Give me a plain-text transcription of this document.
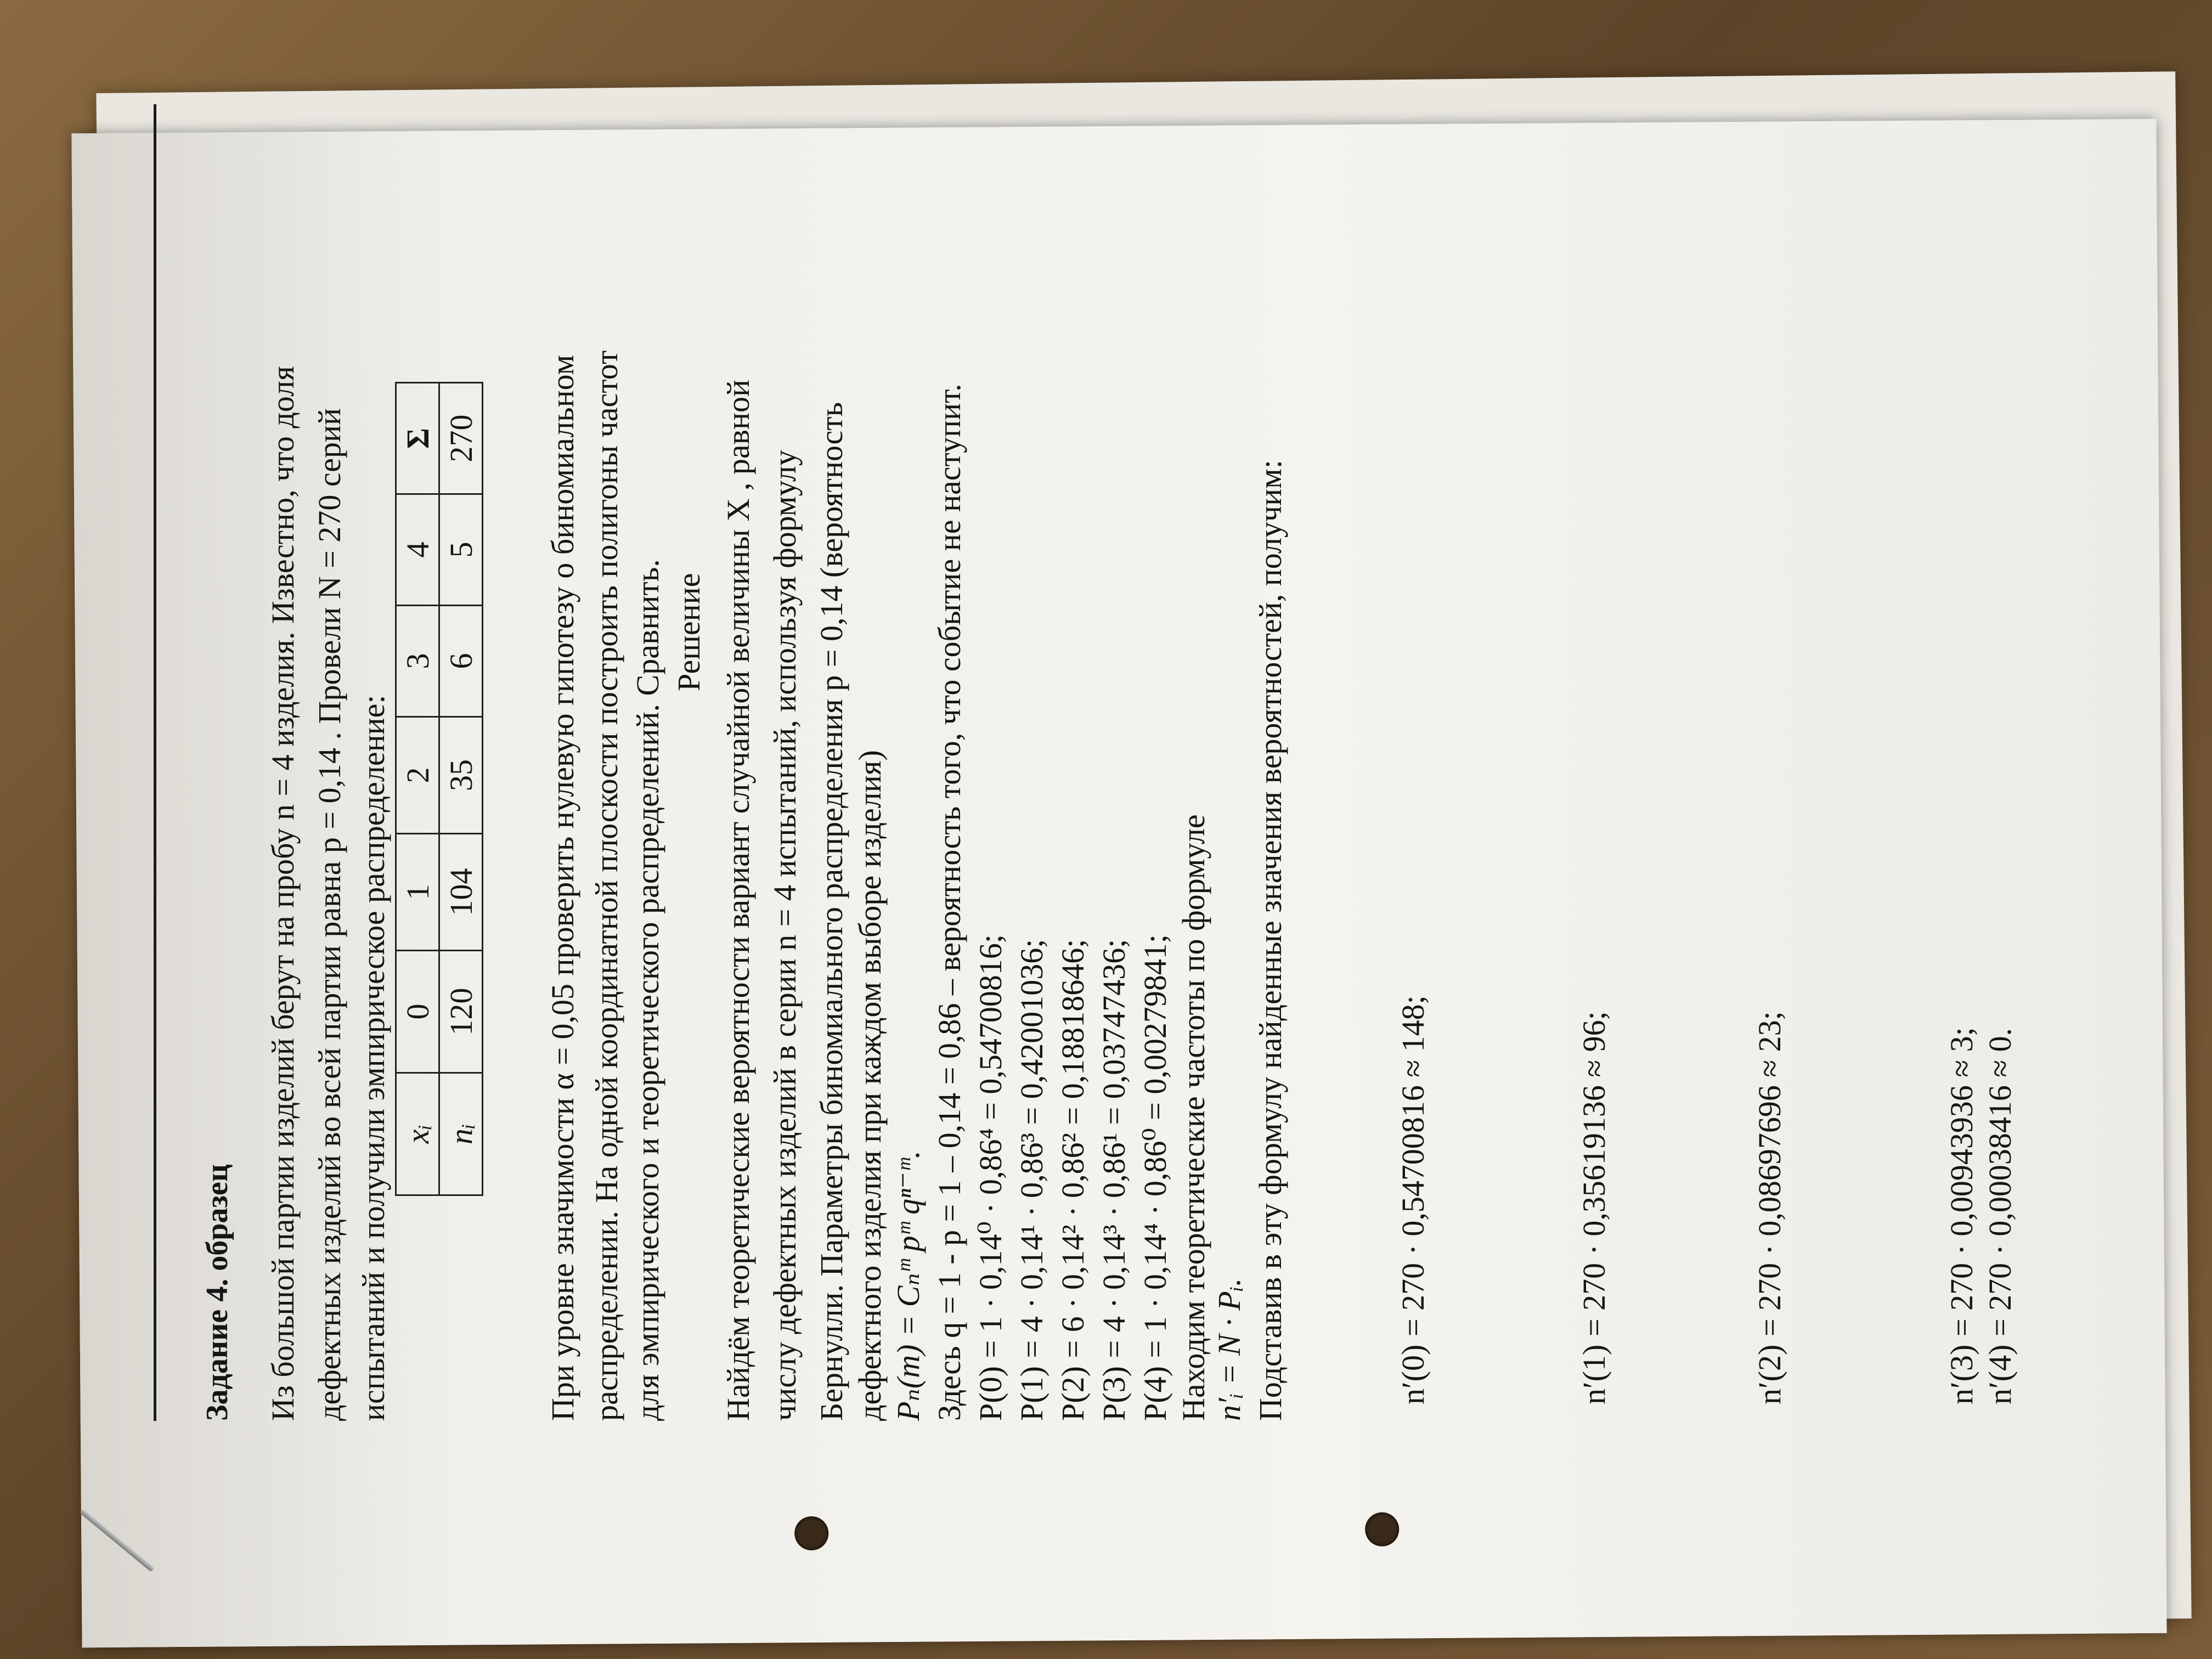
Задание 4. образец Из большой партии изделий берут на пробу n = 4 изделия. Известно, что доля дефектных изделий во всей партии равна p = 0,14 . Провели N = 270 серий испытаний и получили эмпирическое распределение: xᵢ	0	1	2	3	4	Σ
nᵢ	120	104	35	6	5	270 При уровне значимости α = 0,05 проверить нулевую гипотезу о биномиальном распределении. На одной координатной плоскости построить полигоны частот для эмпирического и теоретического распределений. Сравнить. Решение Найдём теоретические вероятности вариант случайной величины X , равной числу дефектных изделий в серии n = 4 испытаний, используя формулу Бернулли. Параметры биномиального распределения p = 0,14 (вероятность дефектного изделия при каждом выборе изделия) Pₙ(m) = Cₙᵐ pᵐ qⁿ⁻ᵐ. Здесь q = 1 - p = 1 – 0,14 = 0,86 – вероятность того, что событие не наступит. P(0) = 1 · 0,14⁰ · 0,86⁴ = 0,54700816; P(1) = 4 · 0,14¹ · 0,86³ = 0,42001036; P(2) = 6 · 0,14² · 0,86² = 0,18818646; P(3) = 4 · 0,14³ · 0,86¹ = 0,03747436; P(4) = 1 · 0,14⁴ · 0,86⁰ = 0,00279841; Находим теоретические частоты по формуле n′ᵢ = N · Pᵢ. Подставив в эту формулу найденные значения вероятностей, получим:	n′(0) = 270 · 0,54700816 ≈ 148;	n′(1) = 270 · 0,35619136 ≈ 96;	n′(2) = 270 · 0,08697696 ≈ 23;	n′(3) = 270 · 0,00943936 ≈ 3; n′(4) = 270 · 0,00038416 ≈ 0.
